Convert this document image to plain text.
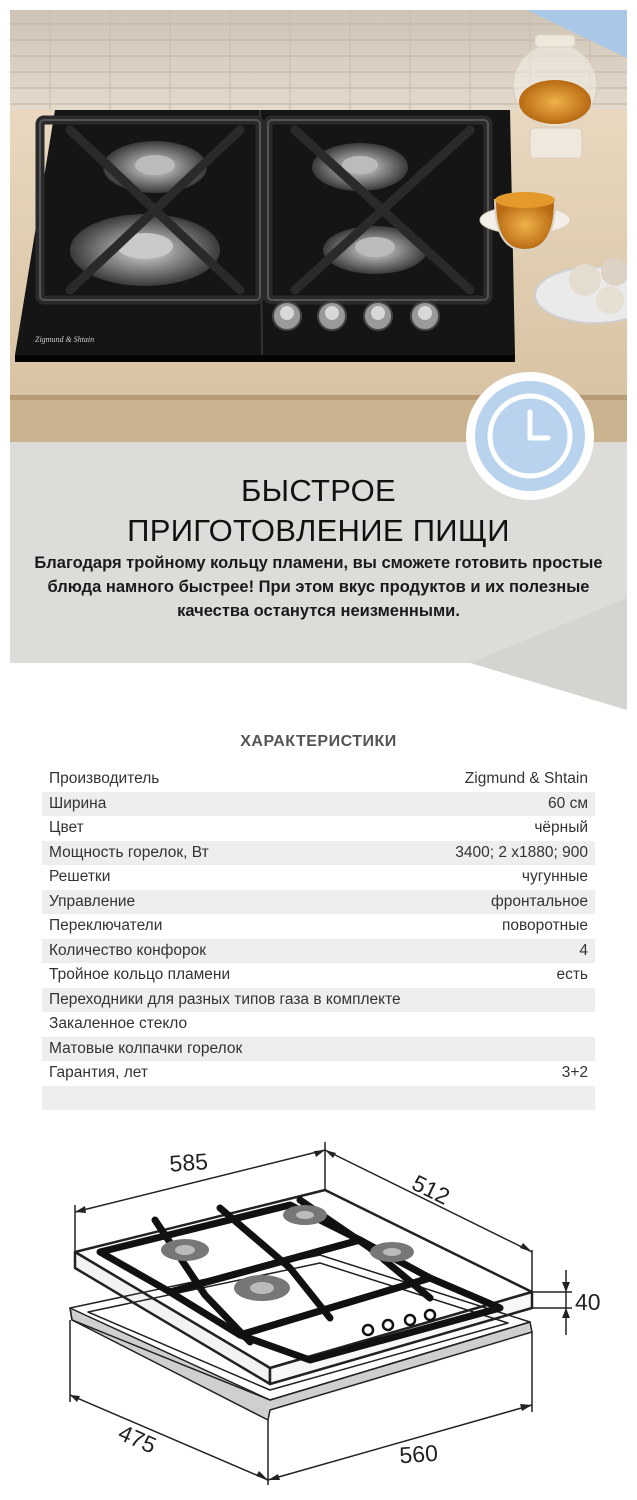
Zigmund & Shtain
БЫСТРОЕ
ПРИГОТОВЛЕНИЕ ПИЩИ
Благодаря тройному кольцу пламени, вы сможете готовить простые блюда намного быстрее! При этом вкус продуктов и их полезные качества останутся неизменными.
ХАРАКТЕРИСТИКИ
Производитель	Zigmund & Shtain
Ширина	60 см
Цвет	чёрный
Мощность горелок, Вт	3400; 2 x1880; 900
Решетки	чугунные
Управление	фронтальное
Переключатели	поворотные
Количество конфорок	4
Тройное кольцо пламени	есть
Переходники для разных типов газа в комплекте
Закаленное стекло
Матовые колпачки горелок
Гарантия, лет	3+2
585
512
40
475	560
